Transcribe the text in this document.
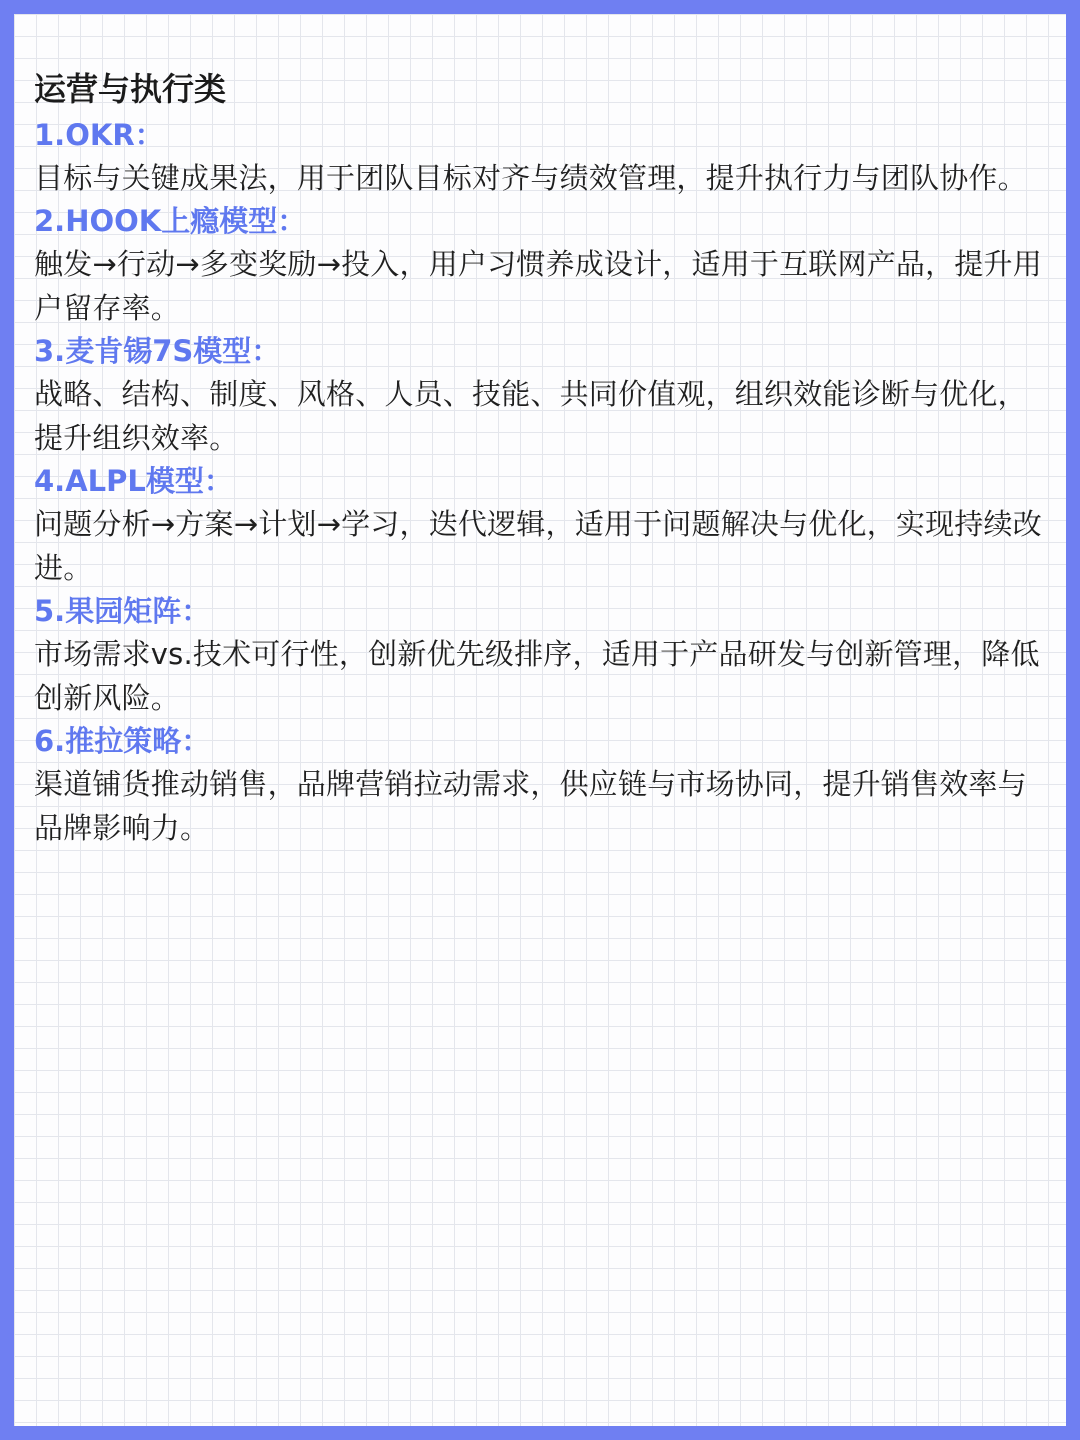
运营与执行类
1.OKR：
目标与关键成果法，用于团队目标对齐与绩效管理，提升执行力与团队协作。
2.HOOK上瘾模型：
触发→行动→多变奖励→投入，用户习惯养成设计，适用于互联网产品，提升用户留存率。
3.麦肯锡7S模型：
战略、结构、制度、风格、人员、技能、共同价值观，组织效能诊断与优化，提升组织效率。
4.ALPL模型：
问题分析→方案→计划→学习，迭代逻辑，适用于问题解决与优化，实现持续改进。
5.果园矩阵：
市场需求vs.技术可行性，创新优先级排序，适用于产品研发与创新管理，降低创新风险。
6.推拉策略：
渠道铺货推动销售，品牌营销拉动需求，供应链与市场协同，提升销售效率与品牌影响力。
